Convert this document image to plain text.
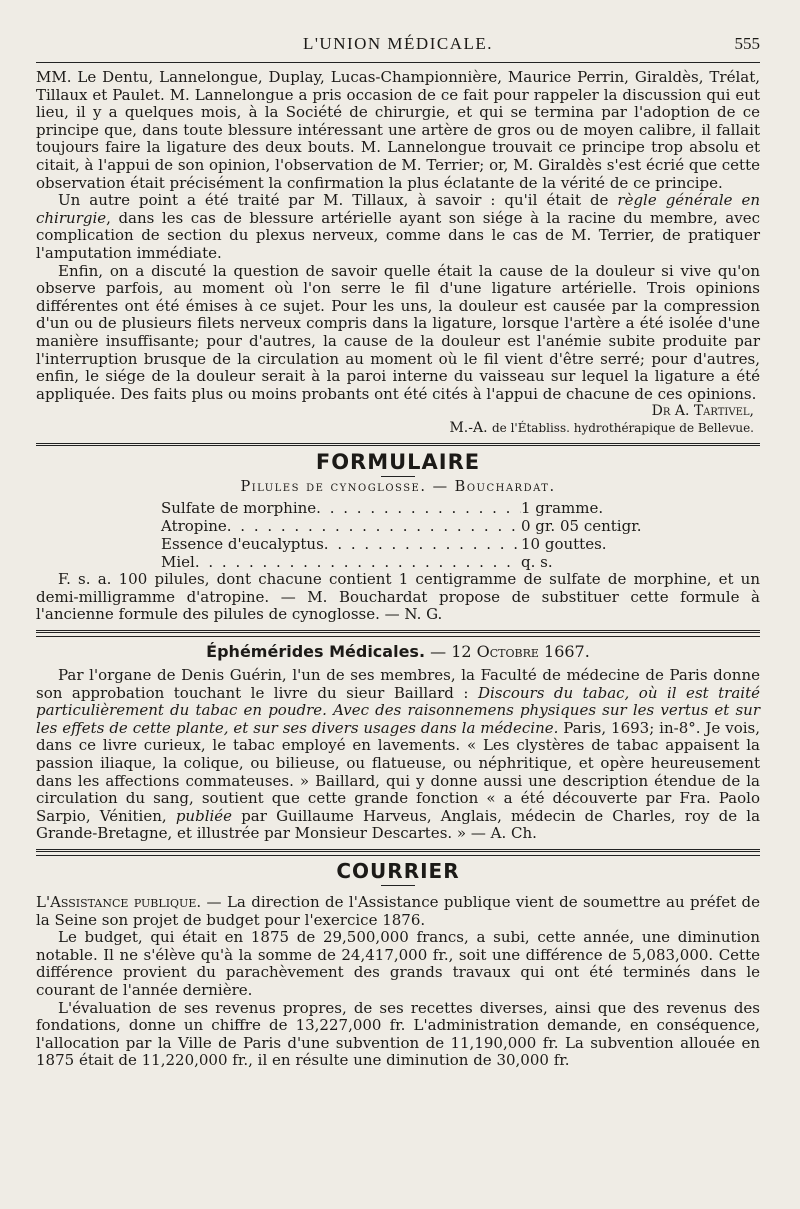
L'UNION MÉDICALE.	555

MM. Le Dentu, Lannelongue, Duplay, Lucas-Championnière, Maurice Perrin, Giraldès, Trélat, Tillaux et Paulet. M. Lannelongue a pris occasion de ce fait pour rappeler la discussion qui eut lieu, il y a quelques mois, à la Société de chirurgie, et qui se termina par l'adoption de ce principe que, dans toute blessure intéressant une artère de gros ou de moyen calibre, il fallait toujours faire la ligature des deux bouts. M. Lannelongue trouvait ce principe trop absolu et citait, à l'appui de son opinion, l'observation de M. Terrier; or, M. Giraldès s'est écrié que cette observation était précisément la confirmation la plus éclatante de la vérité de ce principe.

Un autre point a été traité par M. Tillaux, à savoir : qu'il était de règle générale en chirurgie, dans les cas de blessure artérielle ayant son siége à la racine du membre, avec complication de section du plexus nerveux, comme dans le cas de M. Terrier, de pratiquer l'amputation immédiate.

Enfin, on a discuté la question de savoir quelle était la cause de la douleur si vive qu'on observe parfois, au moment où l'on serre le fil d'une ligature artérielle. Trois opinions différentes ont été émises à ce sujet. Pour les uns, la douleur est causée par la compression d'un ou de plusieurs filets nerveux compris dans la ligature, lorsque l'artère a été isolée d'une manière insuffisante; pour d'autres, la cause de la douleur est l'anémie subite produite par l'interruption brusque de la circulation au moment où le fil vient d'être serré; pour d'autres, enfin, le siége de la douleur serait à la paroi interne du vaisseau sur lequel la ligature a été appliquée. Des faits plus ou moins probants ont été cités à l'appui de chacune de ces opinions.

Dr A. Tartivel,
M.-A. de l'Établiss. hydrothérapique de Bellevue.
FORMULAIRE
Pilules de cynoglosse. — Bouchardat.
Sulfate de morphine . . .	1 gramme.
Atropine . . .	0 gr. 05 centigr.
Essence d'eucalyptus . . .	10 gouttes.
Miel . . .	q. s.

F. s. a. 100 pilules, dont chacune contient 1 centigramme de sulfate de morphine, et un demi-milligramme d'atropine. — M. Bouchardat propose de substituer cette formule à l'ancienne formule des pilules de cynoglosse. — N. G.

Éphémérides Médicales. — 12 Octobre 1667.

Par l'organe de Denis Guérin, l'un de ses membres, la Faculté de médecine de Paris donne son approbation touchant le livre du sieur Baillard : Discours du tabac, où il est traité particulièrement du tabac en poudre. Avec des raisonnemens physiques sur les vertus et sur les effets de cette plante, et sur ses divers usages dans la médecine. Paris, 1693; in-8°. Je vois, dans ce livre curieux, le tabac employé en lavements. « Les clystères de tabac appaisent la passion iliaque, la colique, ou bilieuse, ou flatueuse, ou néphritique, et opère heureusement dans les affections commateuses. » Baillard, qui y donne aussi une description étendue de la circulation du sang, soutient que cette grande fonction « a été découverte par Fra. Paolo Sarpio, Vénitien, publiée par Guillaume Harveus, Anglais, médecin de Charles, roy de la Grande-Bretagne, et illustrée par Monsieur Descartes. » — A. Ch.

COURRIER

L'Assistance publique. — La direction de l'Assistance publique vient de soumettre au préfet de la Seine son projet de budget pour l'exercice 1876.

Le budget, qui était en 1875 de 29,500,000 francs, a subi, cette année, une diminution notable. Il ne s'élève qu'à la somme de 24,417,000 fr., soit une différence de 5,083,000. Cette différence provient du parachèvement des grands travaux qui ont été terminés dans le courant de l'année dernière.

L'évaluation de ses revenus propres, de ses recettes diverses, ainsi que des revenus des fondations, donne un chiffre de 13,227,000 fr. L'administration demande, en conséquence, l'allocation par la Ville de Paris d'une subvention de 11,190,000 fr. La subvention allouée en 1875 était de 11,220,000 fr., il en résulte une diminution de 30,000 fr.
